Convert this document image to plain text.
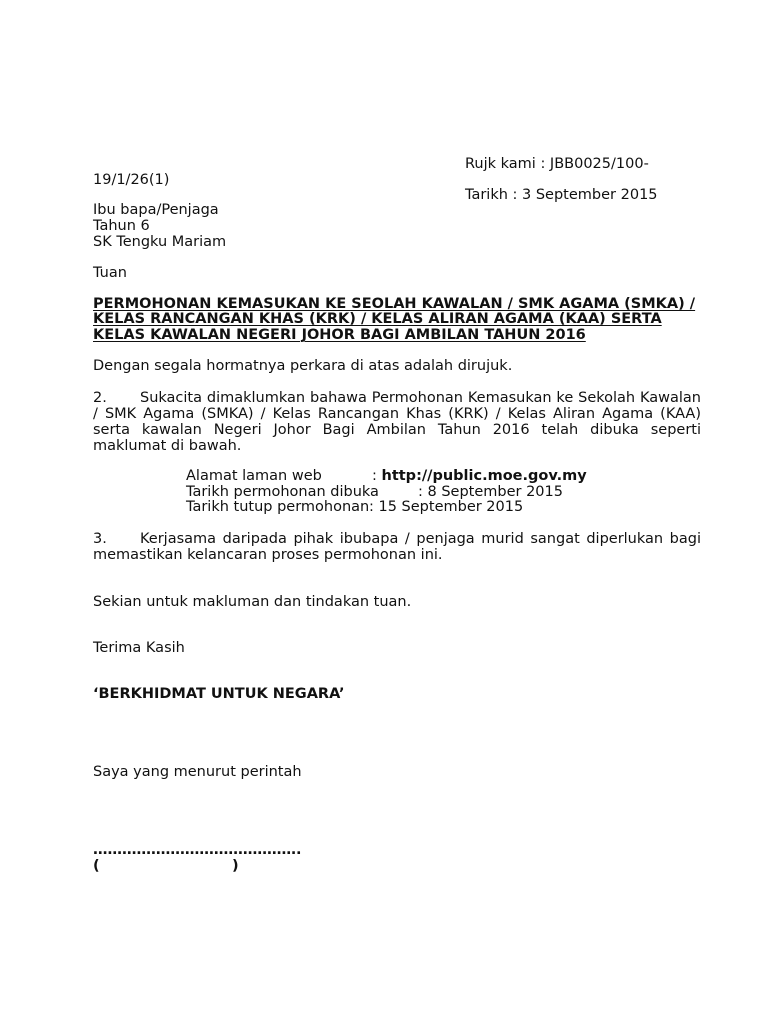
Rujk kami : JBB0025/100-
19/1/26(1)
Tarikh : 3 September 2015
Ibu bapa/Penjaga
Tahun 6
SK Tengku Mariam
Tuan
PERMOHONAN KEMASUKAN KE SEOLAH KAWALAN / SMK AGAMA (SMKA) /
KELAS RANCANGAN KHAS (KRK) / KELAS ALIRAN AGAMA (KAA) SERTA
KELAS KAWALAN NEGERI JOHOR BAGI AMBILAN TAHUN 2016
Dengan segala hormatnya perkara di atas adalah dirujuk.
2. Sukacita dimaklumkan bahawa Permohonan Kemasukan ke Sekolah Kawalan / SMK Agama (SMKA) / Kelas Rancangan Khas (KRK) / Kelas Aliran Agama (KAA) serta kawalan Negeri Johor Bagi Ambilan Tahun 2016 telah dibuka seperti maklumat di bawah.
Alamat laman web	: http://public.moe.gov.my
Tarikh permohonan dibuka	: 8 September 2015
Tarikh tutup permohonan: 15 September 2015
3. Kerjasama daripada pihak ibubapa / penjaga murid sangat diperlukan bagi memastikan kelancaran proses permohonan ini.
Sekian untuk makluman dan tindakan tuan.
Terima Kasih
‘BERKHIDMAT UNTUK NEGARA’
Saya yang menurut perintah
…………………………………….
(	)
